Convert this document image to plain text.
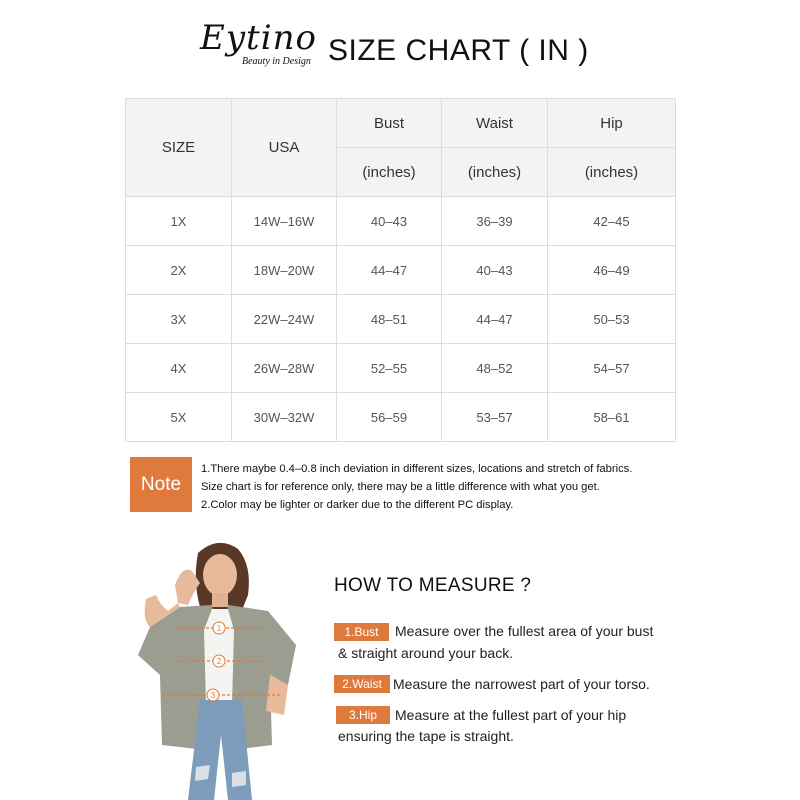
Eytino
Beauty in Design SIZE CHART ( IN )
SIZE	USA	Bust	Waist	Hip
		(inches)	(inches)	(inches)
1X	14W–16W	40–43	36–39	42–45
2X	18W–20W	44–47	40–43	46–49
3X	22W–24W	48–51	44–47	50–53
4X	26W–28W	52–55	48–52	54–57
5X	30W–32W	56–59	53–57	58–61
Note
1.There maybe 0.4–0.8 inch deviation in different sizes, locations and stretch of fabrics.
Size chart is for reference only, there may be a little difference with what you get.
2.Color may be lighter or darker due to the different PC display.
1
2
3
HOW TO MEASURE ?
1.Bust	Measure over the fullest area of your bust
& straight around your back.
2.Waist Measure the narrowest part of your torso.
3.Hip	Measure at the fullest part of your hip
ensuring the tape is straight.
